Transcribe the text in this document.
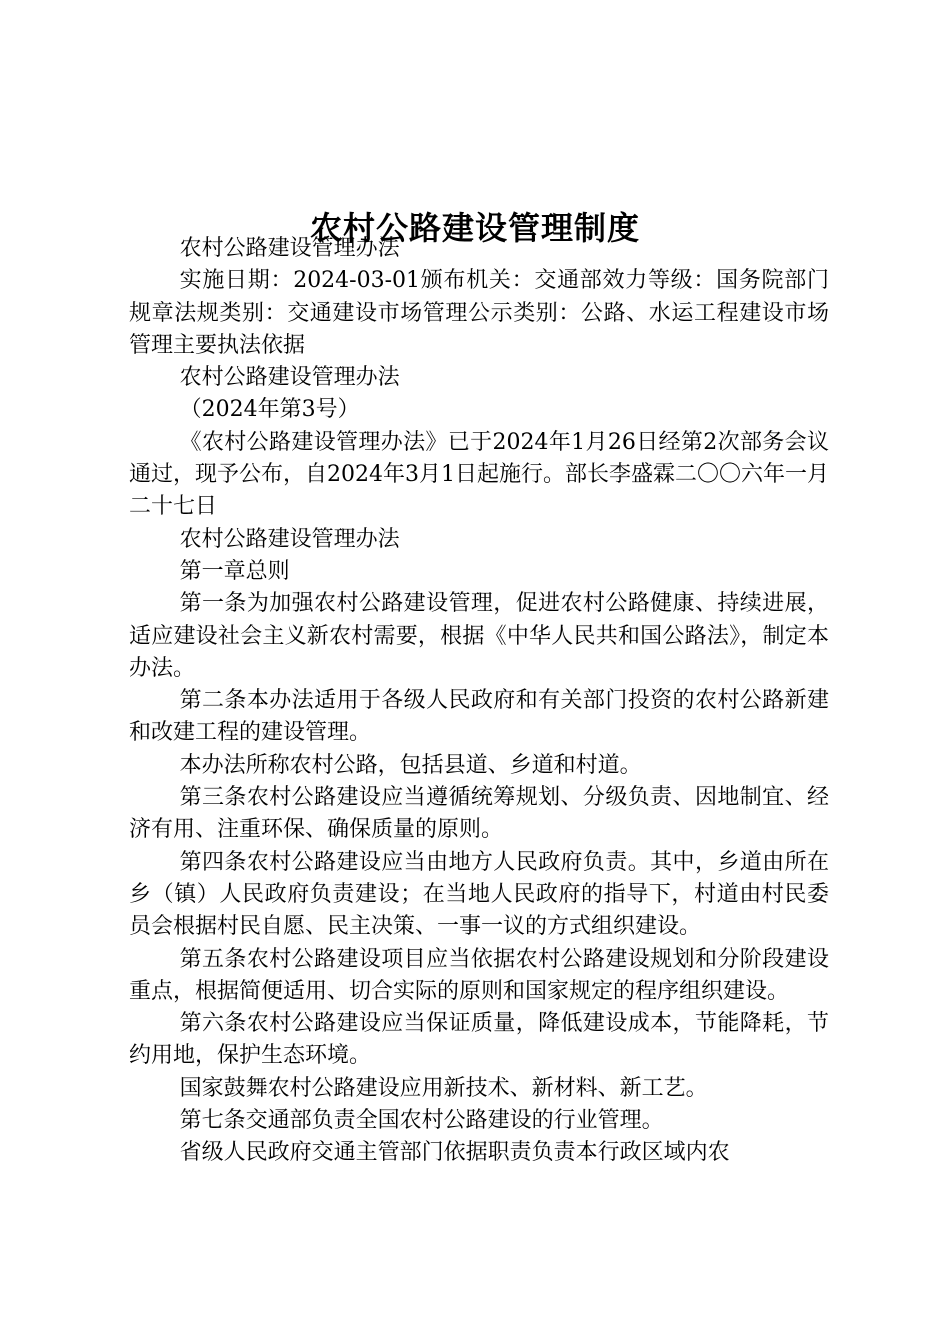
农村公路建设管理制度

农村公路建设管理办法

实施日期：2024-03-01颁布机关：交通部效力等级：国务院部门规章法规类别：交通建设市场管理公示类别：公路、水运工程建设市场管理主要执法依据

农村公路建设管理办法

（2024年第3号）

《农村公路建设管理办法》已于2024年1月26日经第2次部务会议通过，现予公布，自2024年3月1日起施行。部长李盛霖二〇〇六年一月二十七日

农村公路建设管理办法

第一章总则

第一条为加强农村公路建设管理，促进农村公路健康、持续进展，适应建设社会主义新农村需要，根据《中华人民共和国公路法》，制定本办法。

第二条本办法适用于各级人民政府和有关部门投资的农村公路新建和改建工程的建设管理。

本办法所称农村公路，包括县道、乡道和村道。

第三条农村公路建设应当遵循统筹规划、分级负责、因地制宜、经济有用、注重环保、确保质量的原则。

第四条农村公路建设应当由地方人民政府负责。其中，乡道由所在乡（镇）人民政府负责建设；在当地人民政府的指导下，村道由村民委员会根据村民自愿、民主决策、一事一议的方式组织建设。

第五条农村公路建设项目应当依据农村公路建设规划和分阶段建设重点，根据简便适用、切合实际的原则和国家规定的程序组织建设。

第六条农村公路建设应当保证质量，降低建设成本，节能降耗，节约用地，保护生态环境。

国家鼓舞农村公路建设应用新技术、新材料、新工艺。

第七条交通部负责全国农村公路建设的行业管理。

省级人民政府交通主管部门依据职责负责本行政区域内农
